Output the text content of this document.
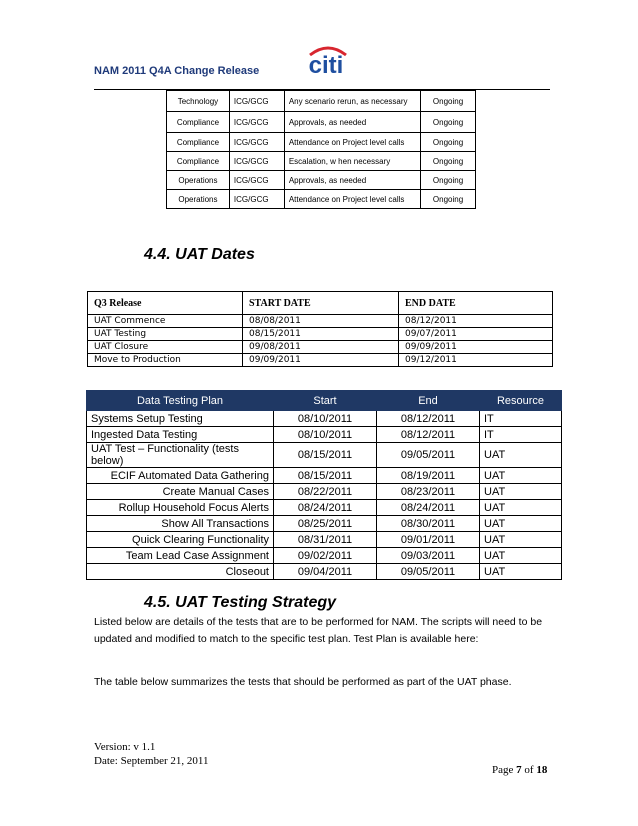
NAM 2011 Q4A Change Release citi
Technology	ICG/GCG	Any scenario rerun, as necessary	Ongoing
Compliance	ICG/GCG	Approvals, as needed	Ongoing
Compliance	ICG/GCG	Attendance on Project level calls	Ongoing
Compliance	ICG/GCG	Escalation, w hen necessary	Ongoing
Operations	ICG/GCG	Approvals, as needed	Ongoing
Operations	ICG/GCG	Attendance on Project level calls	Ongoing
4.4. UAT Dates
Q3 Release	START DATE	END DATE
UAT Commence	08/08/2011	08/12/2011
UAT Testing	08/15/2011	09/07/2011
UAT Closure	09/08/2011	09/09/2011
Move to Production	09/09/2011	09/12/2011
Data Testing Plan	Start	End	Resource
Systems Setup Testing	08/10/2011	08/12/2011	IT
Ingested Data Testing	08/10/2011	08/12/2011	IT
UAT Test – Functionality (tests below)	08/15/2011	09/05/2011	UAT
ECIF Automated Data Gathering	08/15/2011	08/19/2011	UAT
Create Manual Cases	08/22/2011	08/23/2011	UAT
Rollup Household Focus Alerts	08/24/2011	08/24/2011	UAT
Show All Transactions	08/25/2011	08/30/2011	UAT
Quick Clearing Functionality	08/31/2011	09/01/2011	UAT
Team Lead Case Assignment	09/02/2011	09/03/2011	UAT
Closeout	09/04/2011	09/05/2011	UAT
4.5. UAT Testing Strategy
Listed below are details of the tests that are to be performed for NAM. The scripts will need to be updated and modified to match to the specific test plan. Test Plan is available here:
The table below summarizes the tests that should be performed as part of the UAT phase.
Version: v 1.1
Date: September 21, 2011
Page 7 of 18
